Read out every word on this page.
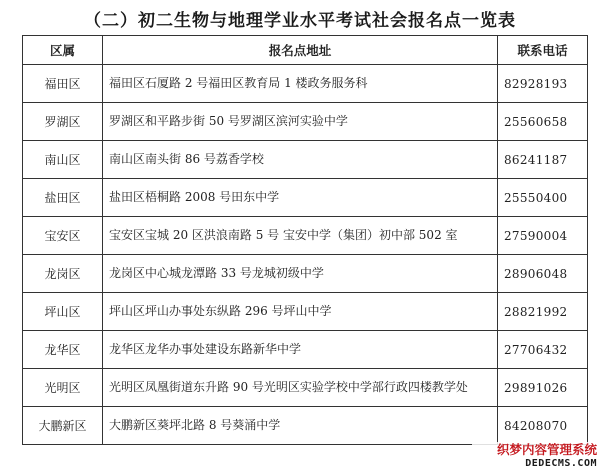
（二）初二生物与地理学业水平考试社会报名点一览表
区属	报名点地址	联系电话
福田区	福田区石厦路 2 号福田区教育局 1 楼政务服务科	82928193
罗湖区	罗湖区和平路步街 50 号罗湖区滨河实验中学	25560658
南山区	南山区南头街 86 号荔香学校	86241187
盐田区	盐田区梧桐路 2008 号田东中学	25550400
宝安区	宝安区宝城 20 区洪浪南路 5 号 宝安中学（集团）初中部 502 室	27590004
龙岗区	龙岗区中心城龙潭路 33 号龙城初级中学	28906048
坪山区	坪山区坪山办事处东纵路 296 号坪山中学	28821992
龙华区	龙华区龙华办事处建设东路新华中学	27706432
光明区	光明区凤凰街道东升路 90 号光明区实验学校中学部行政四楼教学处	29891026
大鹏新区	大鹏新区葵坪北路 8 号葵涌中学	84208070
织梦内容管理系统
DEDECMS.COM
